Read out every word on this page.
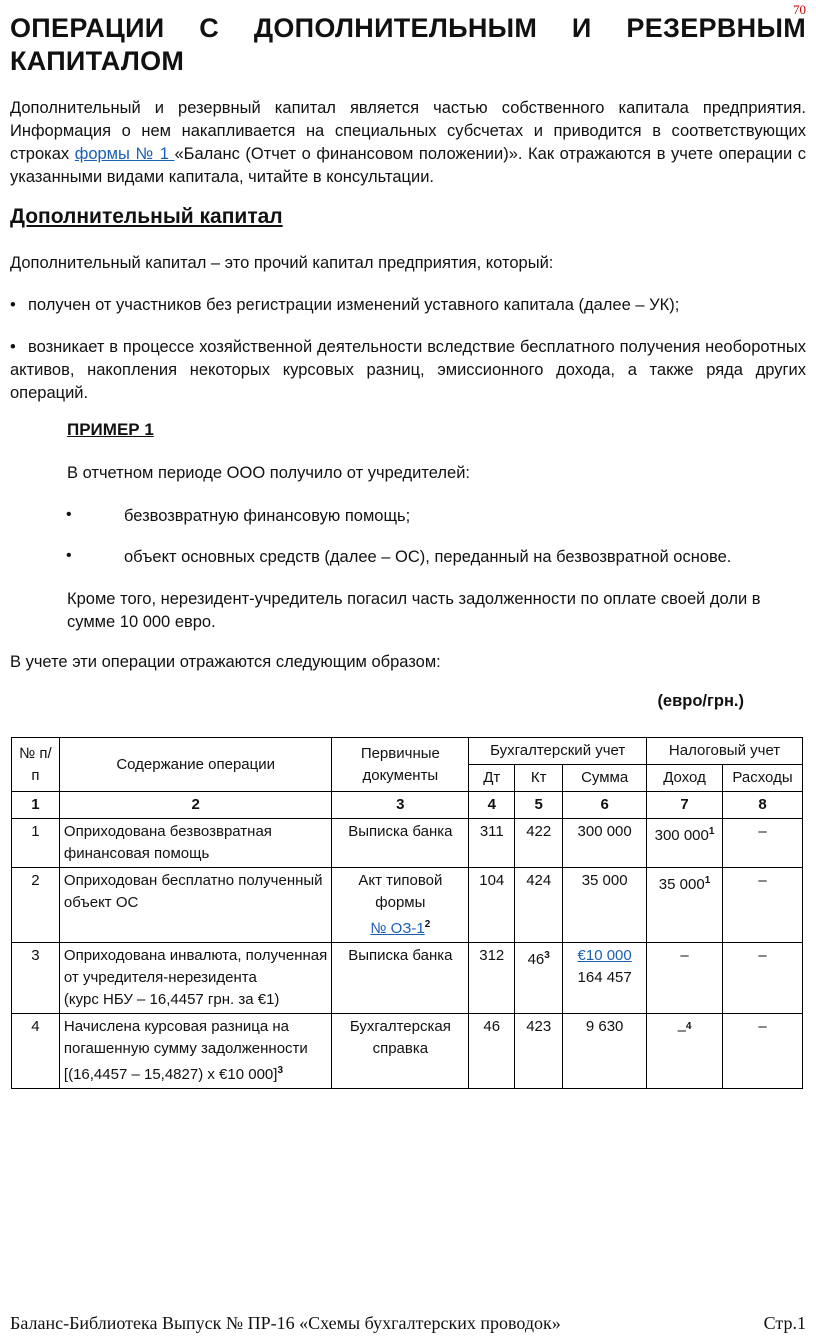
70
ОПЕРАЦИИ С ДОПОЛНИТЕЛЬНЫМ И РЕЗЕРВНЫМ КАПИТАЛОМ

Дополнительный и резервный капитал является частью собственного капитала предприятия. Информация о нем накапливается на специальных субсчетах и приводится в соответствующих строках формы № 1 «Баланс (Отчет о финансовом положении)». Как отражаются в учете операции с указанными видами капитала, читайте в консультации.

Дополнительный капитал

Дополнительный капитал – это прочий капитал предприятия, который:

• получен от участников без регистрации изменений уставного капитала (далее – УК);

• возникает в процессе хозяйственной деятельности вследствие бесплатного получения необоротных активов, накопления некоторых курсовых разниц, эмиссионного дохода, а также ряда других операций.

ПРИМЕР 1

В отчетном периоде ООО получило от учредителей:

•	безвозвратную финансовую помощь;

•	объект основных средств (далее – ОС), переданный на безвозвратной основе.

Кроме того, нерезидент-учредитель погасил часть задолженности по оплате своей доли в сумме 10 000 евро.

В учете эти операции отражаются следующим образом:

(евро/грн.)
№ п/п	Содержание операции	Первичные документы	Бухгалтерский учет			Налоговый учет	
			Дт	Кт	Сумма	Доход	Расходы
1	2	3	4	5	6	7	8
1	Оприходована безвозвратная финансовая помощь	Выписка банка	311	422	300 000	300 $000^1$	–
2	Оприходован бесплатно полученный объект ОС	Акт типовой формы
№ $ОЗ-1^2$	104	424	35 000	35 $000^1$	–
3	Оприходована инвалюта, полученная от учредителя-нерезидента
(курс НБУ – 16,4457 грн. за €1)	Выписка банка	312	$46^3$	€10 000
164 457	–	–
4	Начислена курсовая разница на погашенную сумму задолженности
[(16,4457 – 15,4827) х €10 000]$^3$	Бухгалтерская справка	46	423	9 630	–$^4$	–
Баланс-Библиотека Выпуск № ПР-16 «Схемы бухгалтерских проводок»	Стр.1
